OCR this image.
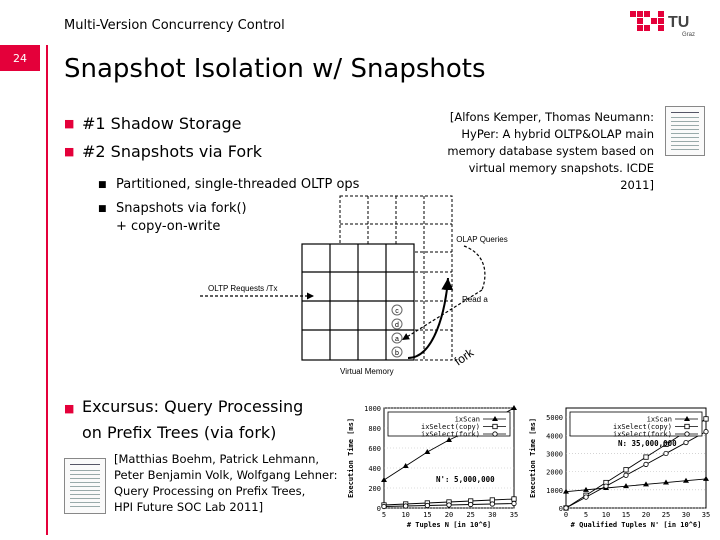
Multi-Version Concurrency Control	TU
Graz
24	Snapshot Isolation w/ Snapshots
■ #1 Shadow Storage
■ #2 Snapshots via Fork
■ Partitioned, single-threaded OLTP ops
■ Snapshots via fork()
+ copy-on-write
[Alfons Kemper, Thomas Neumann:
HyPer: A hybrid OLTP&OLAP main
memory database system based on
virtual memory snapshots. ICDE 2011]
c
d
a
b
OLAP Queries
OLTP Requests /Tx
Read a
Virtual Memory
fork
■ Excursus: Query Processing
on Prefix Trees (via fork)
[Matthias Boehm, Patrick Lehmann,
Peter Benjamin Volk, Wolfgang Lehner:
Query Processing on Prefix Trees,
HPI Future SOC Lab 2011]	0
200
400
600
800
1000
5 10 15 20 25 30 35
# Tuples N [in 10^6]
Execution Time [ms]	ixScan
ixSelect(copy)
ixSelect(fork)
N': 5,000,000
0
1000
2000
3000
4000
5000
0 5 10 15 20 25 30 35
# Qualified Tuples N' [in 10^6]
Execution Time [ms]	ixScan
ixSelect(copy)
ixSelect(fork)
N: 35,000,000
